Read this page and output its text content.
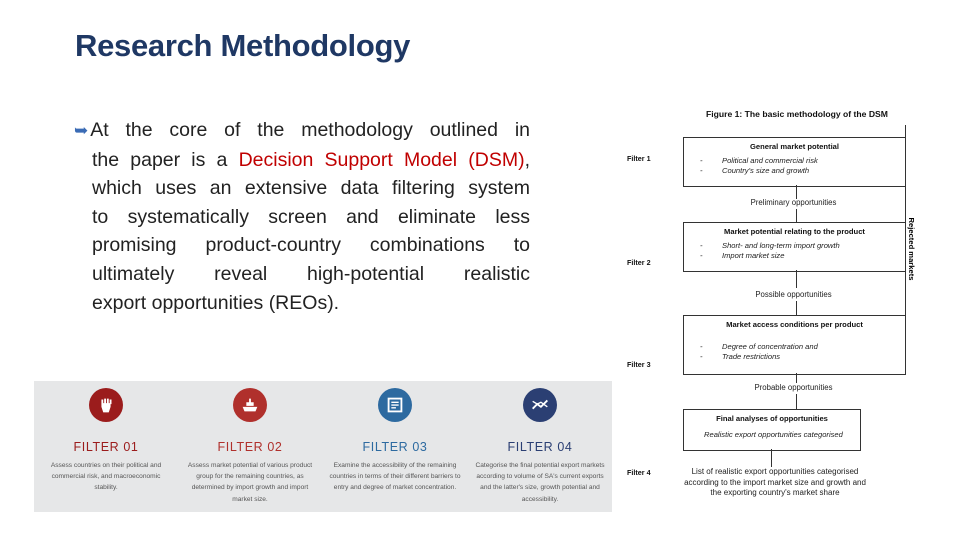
Research Methodology
➥ At the core of the methodology outlined in
the paper is a Decision Support Model (DSM),
which uses an extensive data filtering system
to systematically screen and eliminate less
promising product-country combinations to
ultimately reveal high-potential realistic
export opportunities (REOs).
FILTER 01
Assess countries on their political and commercial risk, and macroeconomic stability.
FILTER 02
Assess market potential of various product group for the remaining countries, as determined by import growth and import market size.
FILTER 03
Examine the accessibility of the remaining countries in terms of their different barriers to entry and degree of market concentration.
FILTER 04
Categorise the final potential export markets according to volume of SA's current exports and the latter's size, growth potential and accessibility.
Figure 1: The basic methodology of the DSM
Filter 1
Filter 2
Filter 3
Filter 4
General market potential
-	Political and commercial risk
-	Country's size and growth
Preliminary opportunities
Market potential relating to the product
-	Short- and long-term import growth
-	Import market size
Possible opportunities
Market access conditions per product
-	Degree of concentration and
-	Trade restrictions
Probable opportunities
Final analyses of opportunities
Realistic export opportunities categorised
List of realistic export opportunities categorised according to the import market size and growth and the exporting country's market share
Rejected markets
